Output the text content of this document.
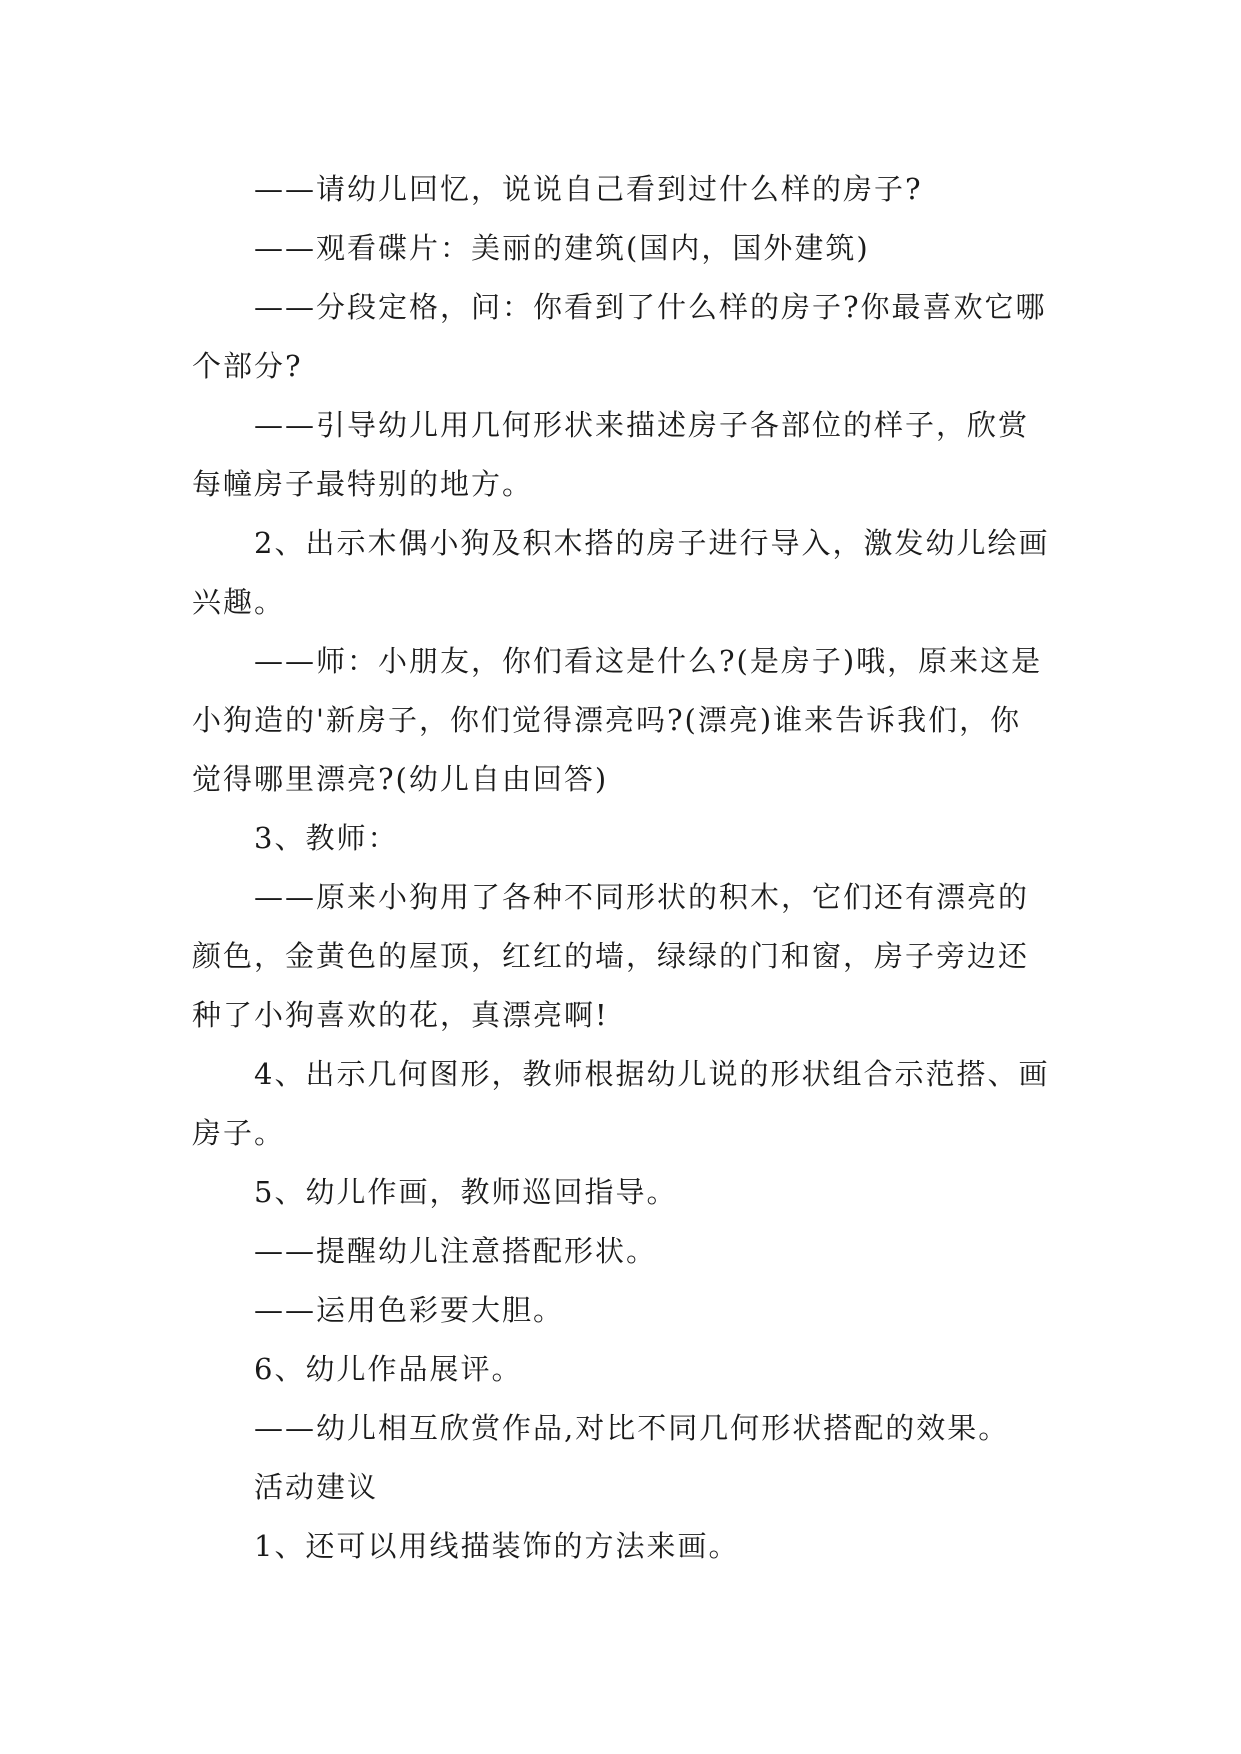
——请幼儿回忆，说说自己看到过什么样的房子?

——观看碟片：美丽的建筑(国内，国外建筑)

——分段定格，问：你看到了什么样的房子?你最喜欢它哪个部分?

——引导幼儿用几何形状来描述房子各部位的样子，欣赏每幢房子最特别的地方。

2、出示木偶小狗及积木搭的房子进行导入，激发幼儿绘画兴趣。

——师：小朋友，你们看这是什么?(是房子)哦，原来这是小狗造的'新房子，你们觉得漂亮吗?(漂亮)谁来告诉我们，你觉得哪里漂亮?(幼儿自由回答)

3、教师：

——原来小狗用了各种不同形状的积木，它们还有漂亮的颜色，金黄色的屋顶，红红的墙，绿绿的门和窗，房子旁边还种了小狗喜欢的花，真漂亮啊!

4、出示几何图形，教师根据幼儿说的形状组合示范搭、画房子。

5、幼儿作画，教师巡回指导。

——提醒幼儿注意搭配形状。

——运用色彩要大胆。

6、幼儿作品展评。

——幼儿相互欣赏作品,对比不同几何形状搭配的效果。

活动建议

1、还可以用线描装饰的方法来画。
